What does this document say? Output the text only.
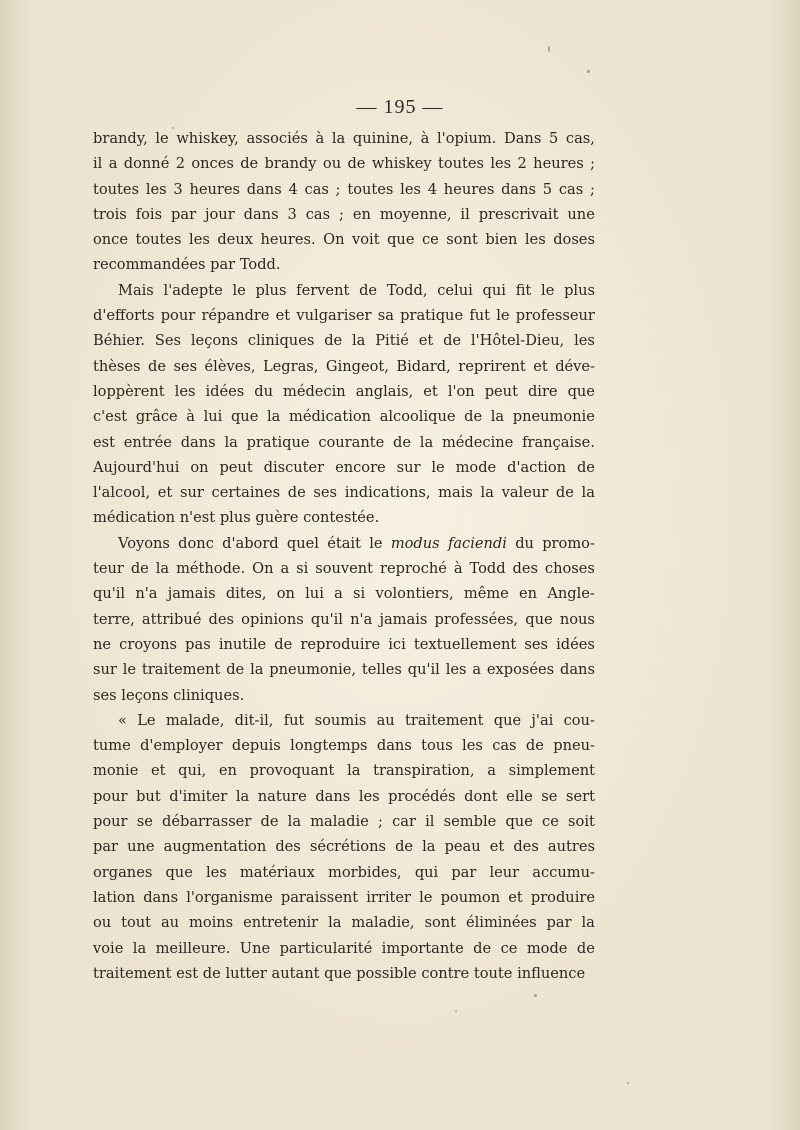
— 195 —
brandy, le whiskey, associés à la quinine, à l'opium. Dans 5 cas,
il a donné 2 onces de brandy ou de whiskey toutes les 2 heures ;
toutes les 3 heures dans 4 cas ; toutes les 4 heures dans 5 cas ;
trois fois par jour dans 3 cas ; en moyenne, il prescrivait une
once toutes les deux heures. On voit que ce sont bien les doses
recommandées par Todd.
Mais l'adepte le plus fervent de Todd, celui qui fit le plus
d'efforts pour répandre et vulgariser sa pratique fut le professeur
Béhier. Ses leçons cliniques de la Pitié et de l'Hôtel-Dieu, les
thèses de ses élèves, Legras, Gingeot, Bidard, reprirent et déve-
loppèrent les idées du médecin anglais, et l'on peut dire que
c'est grâce à lui que la médication alcoolique de la pneumonie
est entrée dans la pratique courante de la médecine française.
Aujourd'hui on peut discuter encore sur le mode d'action de
l'alcool, et sur certaines de ses indications, mais la valeur de la
médication n'est plus guère contestée.
Voyons donc d'abord quel était le modus faciendi du promo-
teur de la méthode. On a si souvent reproché à Todd des choses
qu'il n'a jamais dites, on lui a si volontiers, même en Angle-
terre, attribué des opinions qu'il n'a jamais professées, que nous
ne croyons pas inutile de reproduire ici textuellement ses idées
sur le traitement de la pneumonie, telles qu'il les a exposées dans
ses leçons cliniques.
« Le malade, dit-il, fut soumis au traitement que j'ai cou-
tume d'employer depuis longtemps dans tous les cas de pneu-
monie et qui, en provoquant la transpiration, a simplement
pour but d'imiter la nature dans les procédés dont elle se sert
pour se débarrasser de la maladie ; car il semble que ce soit
par une augmentation des sécrétions de la peau et des autres
organes que les matériaux morbides, qui par leur accumu-
lation dans l'organisme paraissent irriter le poumon et produire
ou tout au moins entretenir la maladie, sont éliminées par la
voie la meilleure. Une particularité importante de ce mode de
traitement est de lutter autant que possible contre toute influence
